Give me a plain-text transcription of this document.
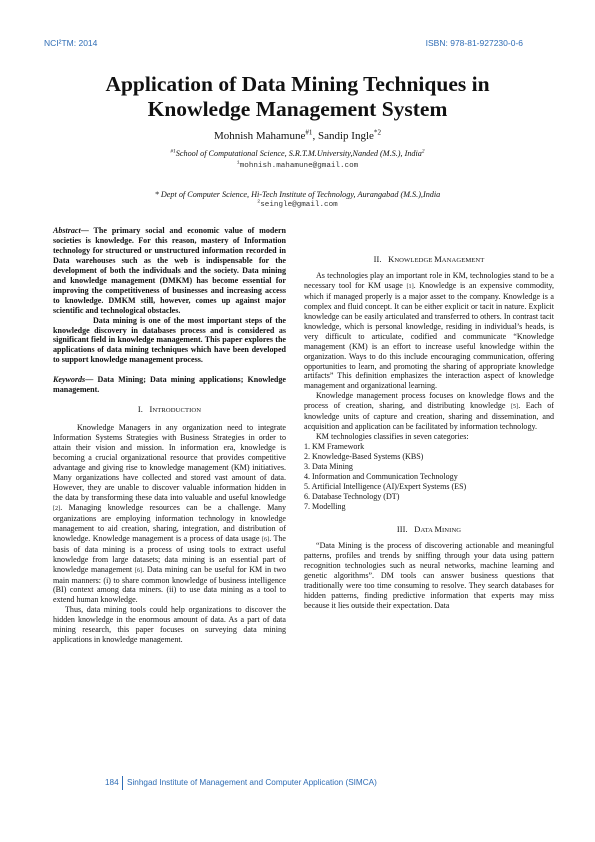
NCI²TM: 2014	ISBN: 978-81-927230-0-6
Application of Data Mining Techniques in
Knowledge Management System
Mohnish Mahamune$^{\#1}$, Sandip Ingle$^{*2}$
$^{\#1}$School of Computational Science, S.R.T.M.University,Nanded (M.S.), India$^2$
$^1$mohnish.mahamune@gmail.com
* Dept of Computer Science, Hi-Tech Institute of Technology, Aurangabad (M.S.),India
$^2$seingle@gmail.com

Abstract— The primary social and economic value of modern societies is knowledge. For this reason, mastery of Information technology for structured or unstructured information recorded in Data warehouses such as the web is indispensable for the development of both the individuals and the society. Data mining and knowledge management (DMKM) has become essential for improving the competitiveness of businesses and increasing access to knowledge. DMKM still, however, comes up against major scientific and technological obstacles.

Data mining is one of the most important steps of the knowledge discovery in databases process and is considered as significant field in knowledge management. This paper explores the applications of data mining techniques which have been developed to support knowledge management process.

Keywords— Data Mining; Data mining applications; Knowledge management.

I. INTRODUCTION

Knowledge Managers in any organization need to integrate Information Systems Strategies with Business Strategies in order to attain their vision and mission. In information era, knowledge is becoming a crucial organizational resource that provides competitive advantage and giving rise to knowledge management (KM) initiatives. Many organizations have collected and stored vast amount of data. However, they are unable to discover valuable information hidden in the data by transforming these data into valuable and useful knowledge [2]. Managing knowledge resources can be a challenge. Many organizations are employing information technology in knowledge management to aid creation, sharing, integration, and distribution of knowledge. Knowledge management is a process of data usage [6]. The basis of data mining is a process of using tools to extract useful knowledge from large datasets; data mining is an essential part of knowledge management [6]. Data mining can be useful for KM in two main manners: (i) to share common knowledge of business intelligence (BI) context among data miners. (ii) to use data mining as a tool to extend human knowledge.

Thus, data mining tools could help organizations to discover the hidden knowledge in the enormous amount of data. As a part of data mining research, this paper focuses on surveying data mining applications in knowledge management.

II. KNOWLEDGE MANAGEMENT

As technologies play an important role in KM, technologies stand to be a necessary tool for KM usage [1]. Knowledge is an expensive commodity, which if managed properly is a major asset to the company. Knowledge is a complex and fluid concept. It can be either explicit or tacit in nature. Explicit knowledge can be easily articulated and transferred to others. In contrast tacit knowledge, which is personal knowledge, residing in individual’s heads, is very difficult to articulate, codified and communicate “Knowledge management (KM) is an effort to increase useful knowledge within the organization. Ways to do this include encouraging communication, offering opportunities to learn, and promoting the sharing of appropriate knowledge artifacts” This definition emphasizes the interaction aspect of knowledge management and organizational learning.

Knowledge management process focuses on knowledge flows and the process of creation, sharing, and distributing knowledge [5]. Each of knowledge units of capture and creation, sharing and dissemination, and acquisition and application can be facilitated by information technology.

KM technologies classifies in seven categories:

1. KM Framework
2. Knowledge-Based Systems (KBS)
3. Data Mining
4. Information and Communication Technology
5. Artificial Intelligence (AI)/Expert Systems (ES)
6. Database Technology (DT)
7. Modelling

III. DATA MINING

“Data Mining is the process of discovering actionable and meaningful patterns, profiles and trends by sniffing through your data using pattern recognition technologies such as neural networks, machine learning and genetic algorithms”. DM tools can answer business questions that traditionally were too time consuming to resolve. They search databases for hidden patterns, finding predictive information that experts may miss because it lies outside their expectation. Data

184 Sinhgad Institute of Management and Computer Application (SIMCA)
